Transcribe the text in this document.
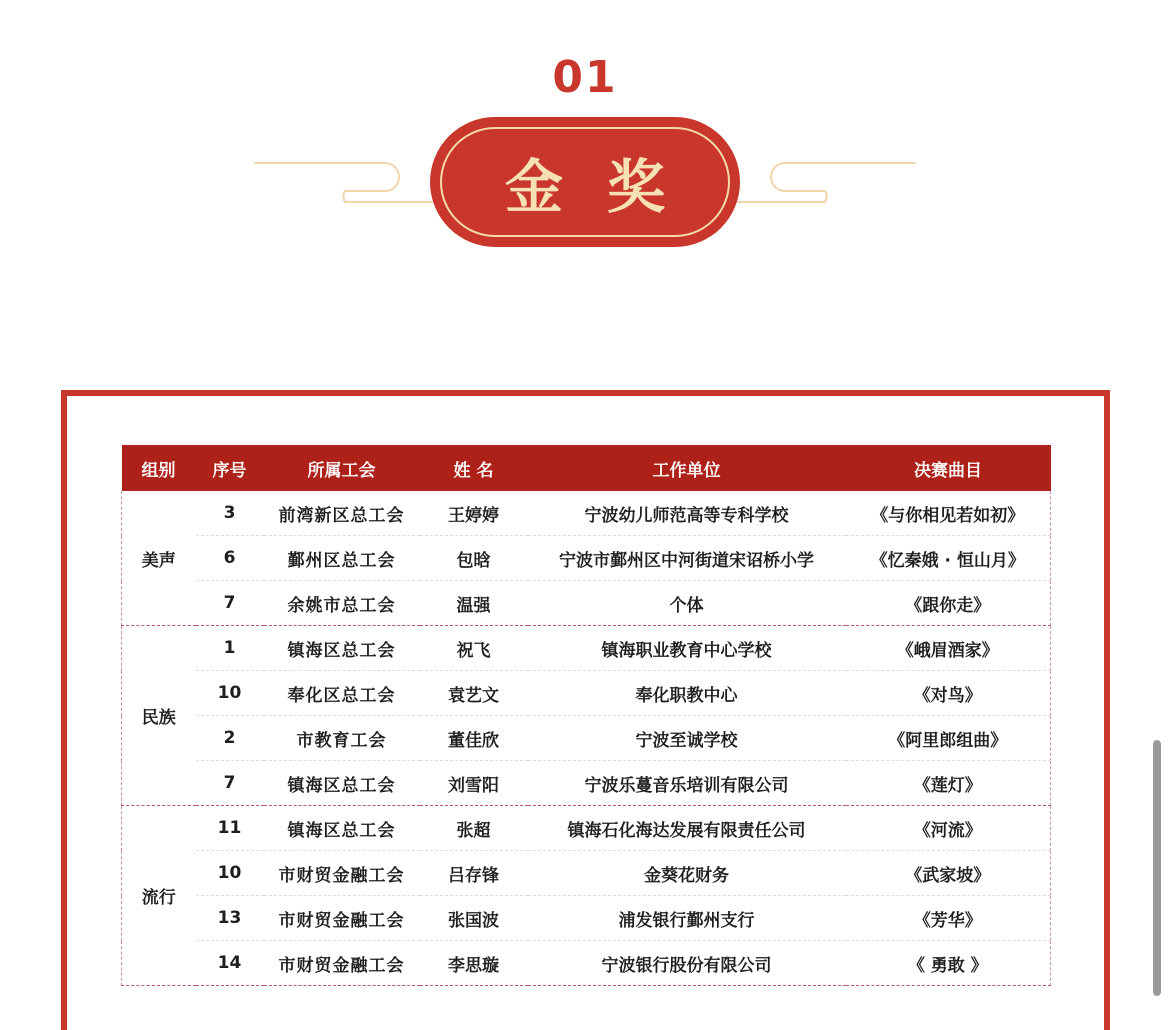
01
金奖
组别	序号	所属工会	姓 名	工作单位	决赛曲目
美声	3	前湾新区总工会	王婷婷	宁波幼儿师范高等专科学校	《与你相见若如初》
	6	鄞州区总工会	包晗	宁波市鄞州区中河街道宋诏桥小学	《忆秦娥 · 恒山月》
	7	余姚市总工会	温强	个体	《跟你走》
民族	1	镇海区总工会	祝飞	镇海职业教育中心学校	《峨眉酒家》
	10	奉化区总工会	袁艺文	奉化职教中心	《对鸟》
	2	市教育工会	董佳欣	宁波至诚学校	《阿里郎组曲》
	7	镇海区总工会	刘雪阳	宁波乐蔓音乐培训有限公司	《莲灯》
流行	11	镇海区总工会	张超	镇海石化海达发展有限责任公司	《河流》
	10	市财贸金融工会	吕存锋	金葵花财务	《武家坡》
	13	市财贸金融工会	张国波	浦发银行鄞州支行	《芳华》
	14	市财贸金融工会	李思璇	宁波银行股份有限公司	《 勇敢 》
